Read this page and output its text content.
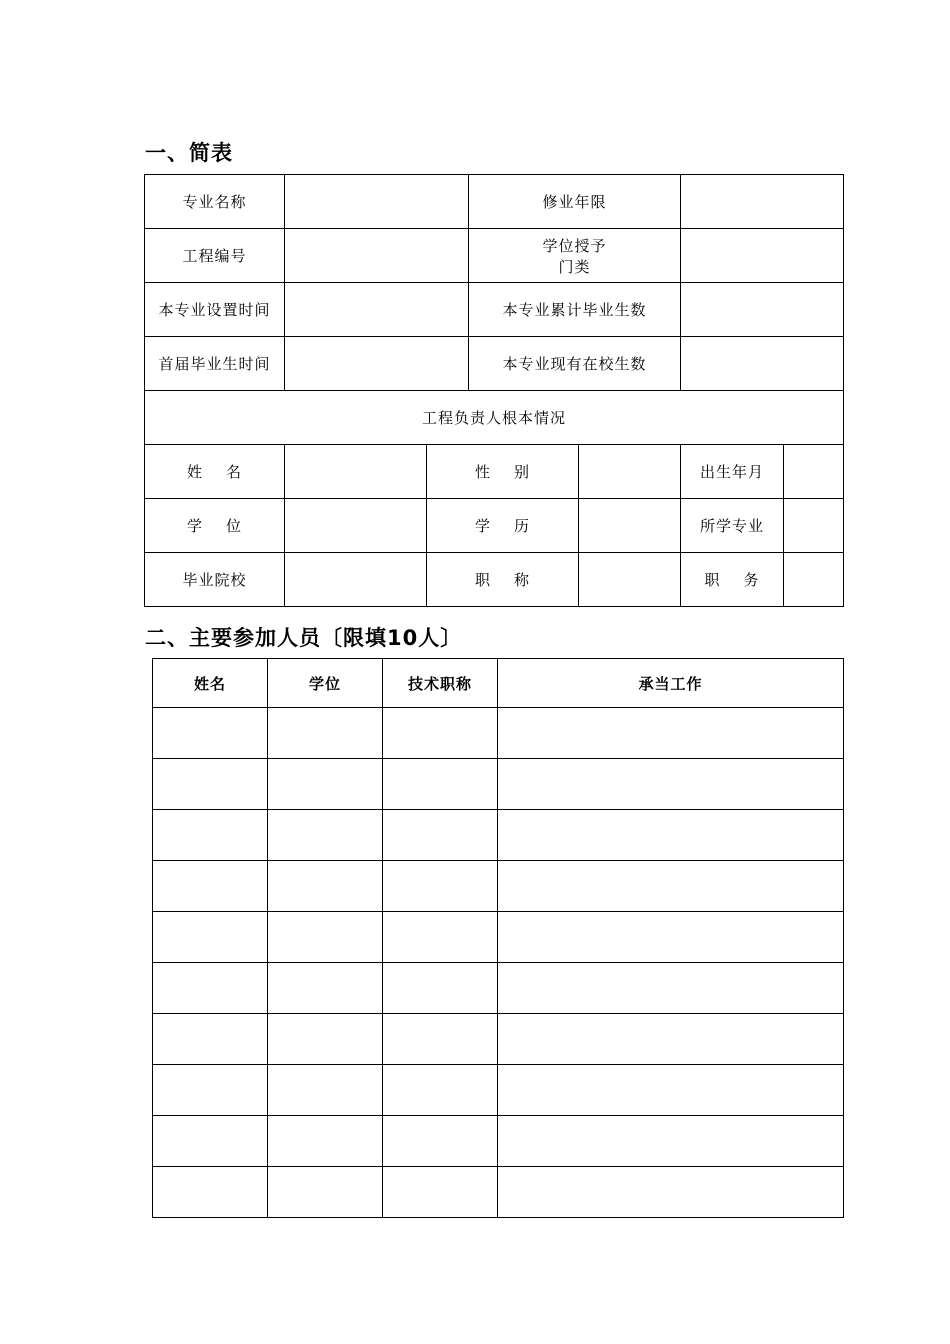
一、简表
专业名称			修业年限			
工程编号			学位授予
门类			

本专业设置时间			本专业累计毕业生数			
首届毕业生时间			本专业现有在校生数			
工程负责人根本情况						
姓    名		性    别			出生年月	
学    位		学    历			所学专业	
毕业院校		职    称			职    务	
二、主要参加人员〔限填10人〕
姓名	学位	技术职称	承当工作
